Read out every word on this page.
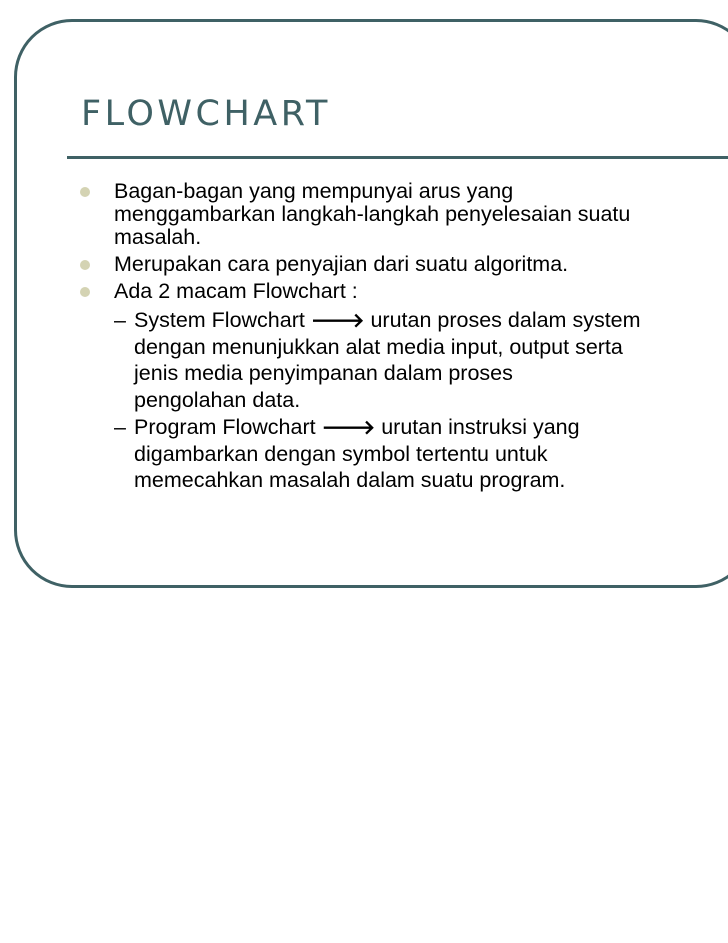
FLOWCHART
Bagan-bagan yang mempunyai arus yang
menggambarkan langkah-langkah penyelesaian suatu
masalah.
Merupakan cara penyajian dari suatu algoritma.
Ada 2 macam Flowchart :
– System Flowchart 🡒 urutan proses dalam system
dengan menunjukkan alat media input, output serta
jenis media penyimpanan dalam proses
pengolahan data.
– Program Flowchart 🡒 urutan instruksi yang
digambarkan dengan symbol tertentu untuk
memecahkan masalah dalam suatu program.
